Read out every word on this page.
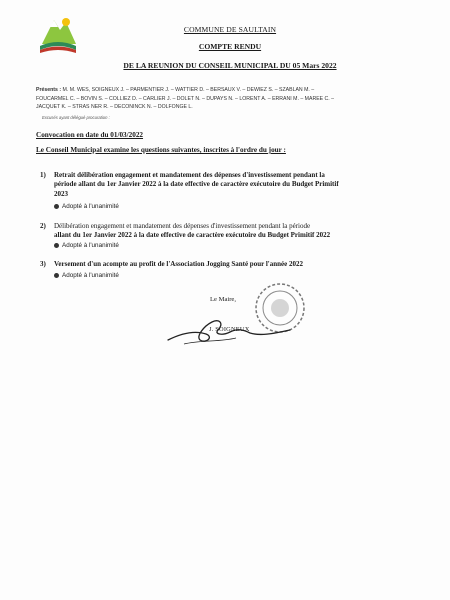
SAULTAIN
COMMUNE DE SAULTAIN
COMPTE RENDU
DE LA REUNION DU CONSEIL MUNICIPAL DU 05 Mars 2022
Présents : M. M. WES, SOIGNEUX J. – PARMENTIER J. – WATTIER D. – BERSAUX V. – DEWIEZ S. – SZABLAN M. –
FOUCARMEL C. – BOVIN S. – COLLIEZ D. – CARLIER J. – DOLET N. – DUPAYS N. – LORENT A. – ERRANI M. – MAREE C. –
JACQUET K. – STRAS NER R. – DECONINCK N. – DOLFONGE L.
Excusés ayant délégué procuration :
Convocation en date du 01/03/2022
Le Conseil Municipal examine les questions suivantes, inscrites à l'ordre du jour :
1) Retrait délibération engagement et mandatement des dépenses d'investissement pendant la
période allant du 1er Janvier 2022 à la date effective de caractère exécutoire du Budget Primitif
2023
Adopté à l'unanimité
2) Délibération engagement et mandatement des dépenses d'investissement pendant la période
allant du 1er Janvier 2022 à la date effective de caractère exécutoire du Budget Primitif 2022
Adopté à l'unanimité
3) Versement d'un acompte au profit de l'Association Jogging Santé pour l'année 2022
Adopté à l'unanimité
Le Maire,
J. SOIGNEUX
